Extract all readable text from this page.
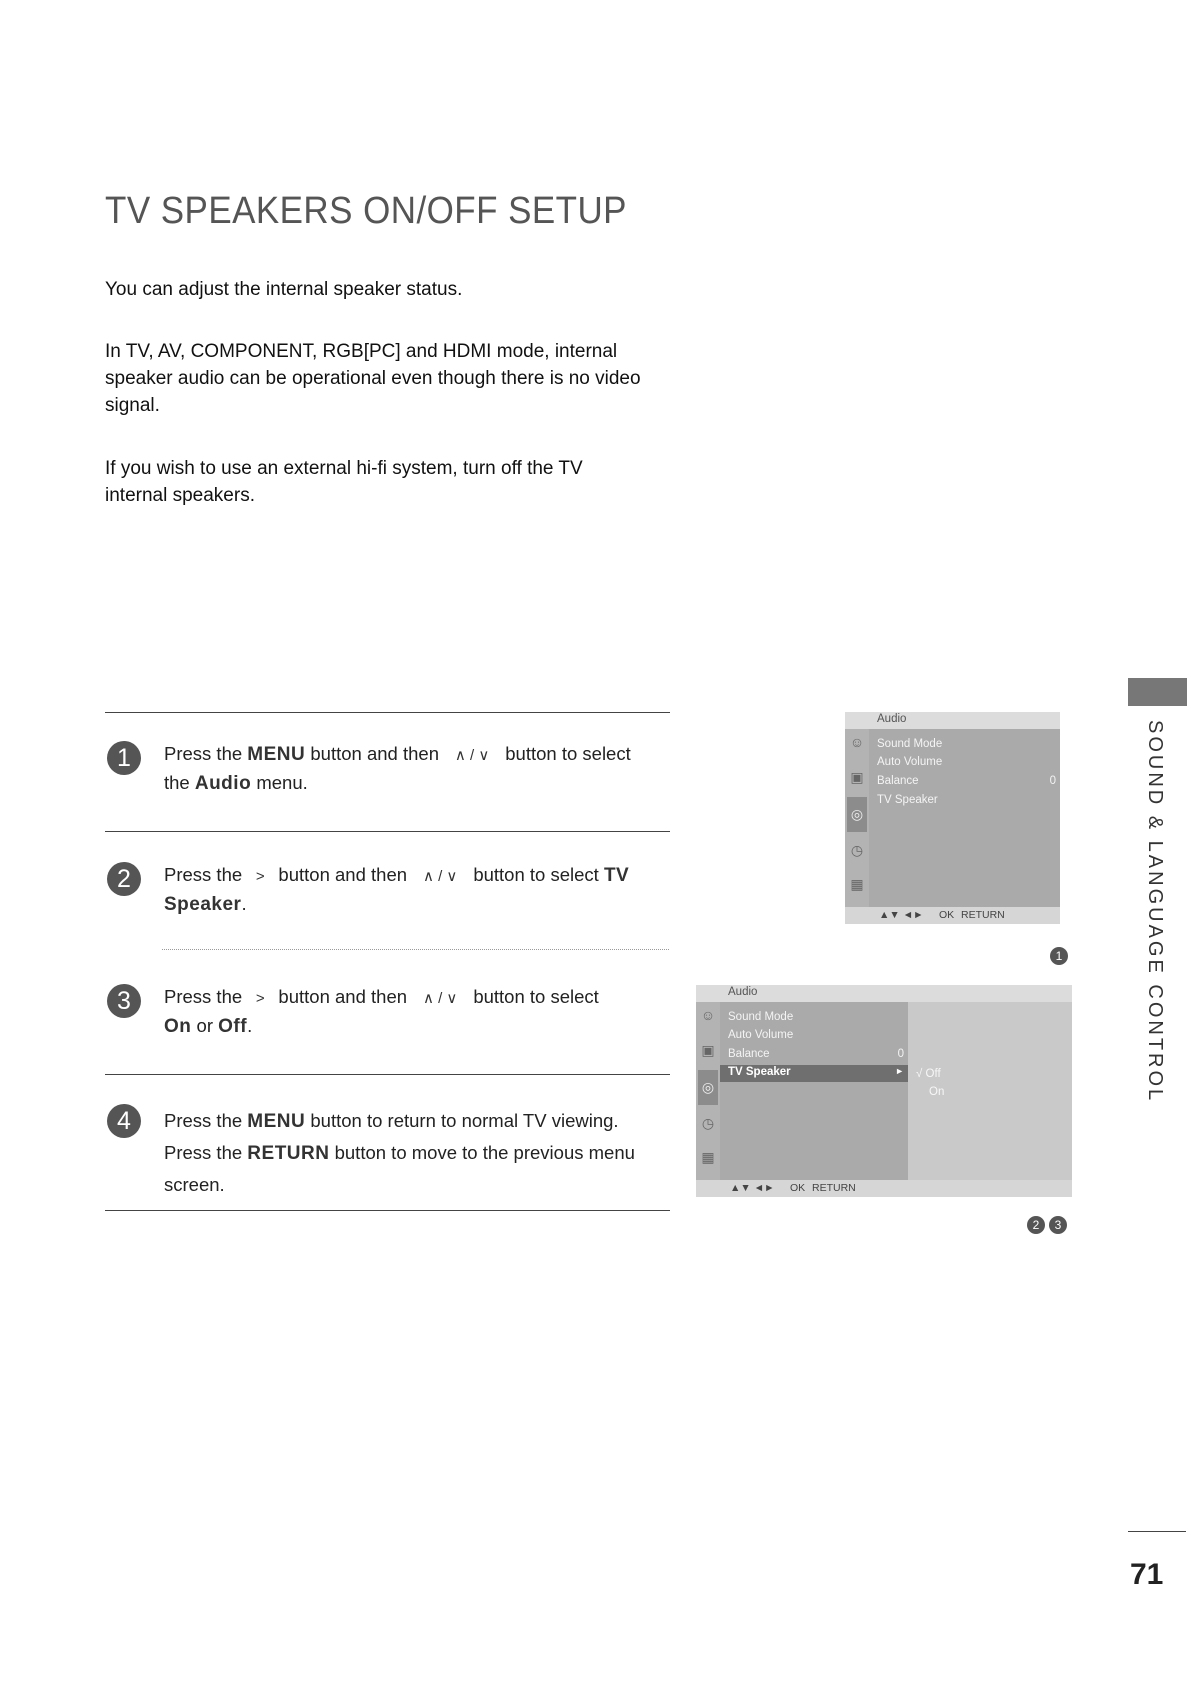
TV SPEAKERS ON/OFF SETUP

You can adjust the internal speaker status.

In TV, AV, COMPONENT, RGB[PC] and HDMI mode, internal speaker audio can be operational even though there is no video signal.

If you wish to use an external hi-fi system, turn off the TV internal speakers.

1	Press the MENU button and then ∧ / ∨ button to select
the Audio menu.
2	Press the > button and then ∧ / ∨ button to select TV
Speaker.
3	Press the > button and then ∧ / ∨ button to select
On or Off.
4	Press the MENU button to return to normal TV viewing.
Press the RETURN button to move to the previous menu
screen.
Audio
☺
▣
◎
◷
▦
Sound Mode
Auto Volume
Balance	0
TV Speaker
▲▼ ◄► OK RETURN
1
Audio
☺
▣
◎
◷
▦
Sound Mode
Auto Volume
Balance	0
TV Speaker	► √ Off
On
▲▼ ◄► OK RETURN
2	3
SOUND & LANGUAGE CONTROL
71
